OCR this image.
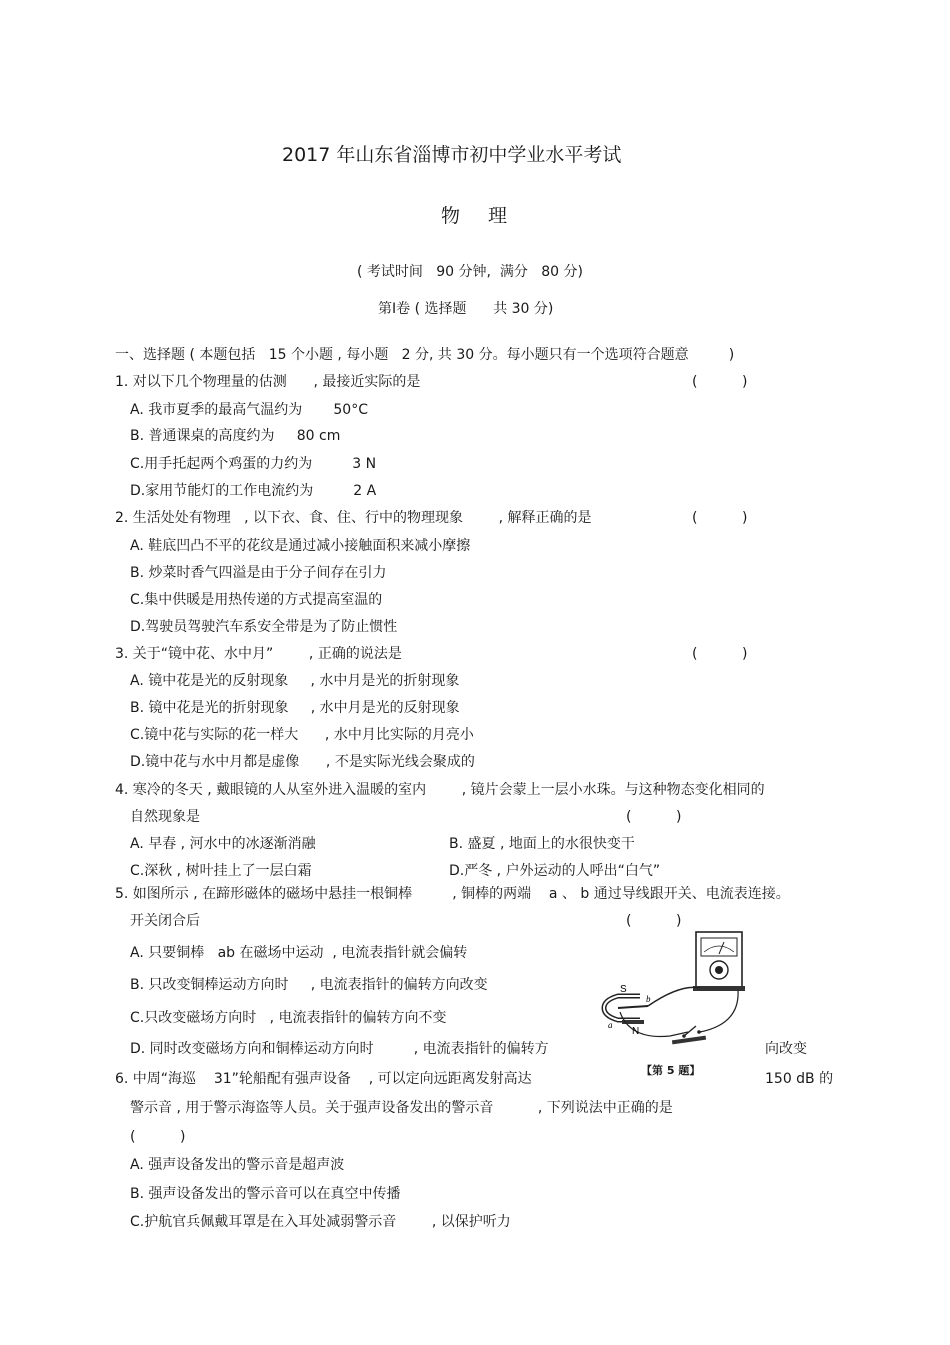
2017 年山东省淄博市初中学业水平考试
物 理
( 考试时间   90 分钟,  满分   80 分)
第Ⅰ卷 ( 选择题      共 30 分)
一、选择题 ( 本题包括   15 个小题 , 每小题   2 分, 共 30 分。每小题只有一个选项符合题意         )
1. 对以下几个物理量的估测      , 最接近实际的是	(          )
A. 我市夏季的最高气温约为       50°C
B. 普通课桌的高度约为     80 cm
C.用手托起两个鸡蛋的力约为         3 N
D.家用节能灯的工作电流约为         2 A
2. 生活处处有物理   , 以下衣、食、住、行中的物理现象        , 解释正确的是	(          )
A. 鞋底凹凸不平的花纹是通过减小接触面积来减小摩擦
B. 炒菜时香气四溢是由于分子间存在引力
C.集中供暖是用热传递的方式提高室温的
D.驾驶员驾驶汽车系安全带是为了防止惯性
3. 关于“镜中花、水中月”        , 正确的说法是	(          )
A. 镜中花是光的反射现象     , 水中月是光的折射现象
B. 镜中花是光的折射现象     , 水中月是光的反射现象
C.镜中花与实际的花一样大      , 水中月比实际的月亮小
D.镜中花与水中月都是虚像      , 不是实际光线会聚成的
4. 寒冷的冬天 , 戴眼镜的人从室外进入温暖的室内        , 镜片会蒙上一层小水珠。与这种物态变化相同的
自然现象是	(          )
A. 早春 , 河水中的冰逐渐消融	B. 盛夏 , 地面上的水很快变干
C.深秋 , 树叶挂上了一层白霜	D.严冬 , 户外运动的人呼出“白气”
5. 如图所示 , 在蹄形磁体的磁场中悬挂一根铜棒         , 铜棒的两端    a 、 b 通过导线跟开关、电流表连接。
开关闭合后	(          )
A. 只要铜棒   ab 在磁场中运动  , 电流表指针就会偏转
B. 只改变铜棒运动方向时     , 电流表指针的偏转方向改变
C.只改变磁场方向时   , 电流表指针的偏转方向不变
D. 同时改变磁场方向和铜棒运动方向时         , 电流表指针的偏转方	向改变
S
N
a
b
【第 5 题】
6. 中周“海巡    31”轮船配有强声设备    , 可以定向远距离发射高达	150 dB 的
警示音 , 用于警示海盗等人员。关于强声设备发出的警示音          , 下列说法中正确的是
(          )
A. 强声设备发出的警示音是超声波
B. 强声设备发出的警示音可以在真空中传播
C.护航官兵佩戴耳罩是在入耳处减弱警示音        , 以保护听力
